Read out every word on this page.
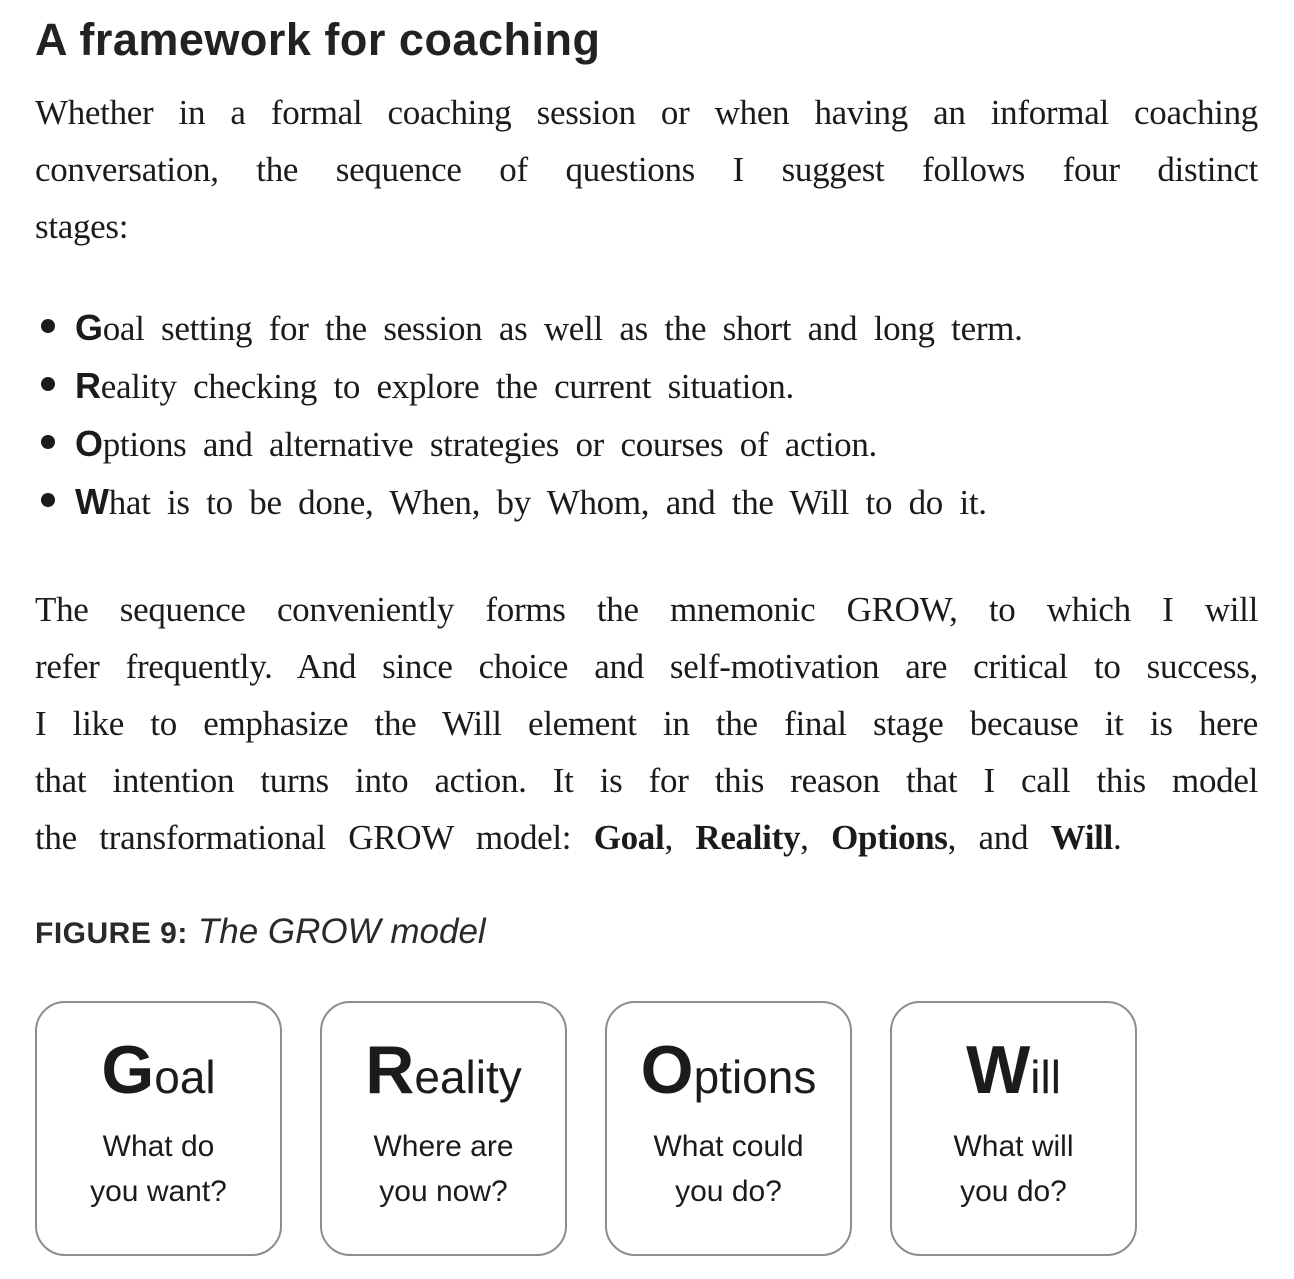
A framework for coaching
Whether in a formal coaching session or when having an informal coaching
conversation, the sequence of questions I suggest follows four distinct
stages:
Goal setting for the session as well as the short and long term.
Reality checking to explore the current situation.
Options and alternative strategies or courses of action.
What is to be done, When, by Whom, and the Will to do it.
The sequence conveniently forms the mnemonic GROW, to which I will
refer frequently. And since choice and self-motivation are critical to success,
I like to emphasize the Will element in the final stage because it is here
that intention turns into action. It is for this reason that I call this model
the transformational GROW model: Goal, Reality, Options, and Will.
FIGURE 9: The GROW model
Goal
What do
you want?
Reality
Where are
you now?
Options
What could
you do?
Will
What will
you do?
